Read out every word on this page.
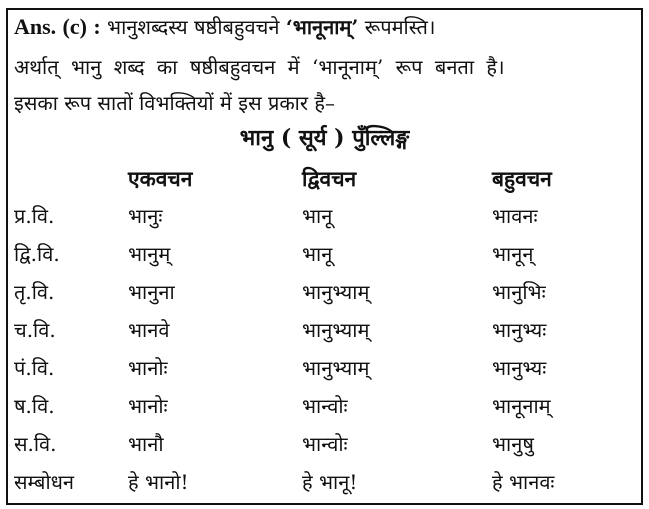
Ans. (c) : भानुशब्दस्य षष्ठीबहुवचने ‘भानूनाम्’ रूपमस्ति।
अर्थात् भानु शब्द का षष्ठीबहुवचन में ‘भानूनाम्’ रूप बनता है।
इसका रूप सातों विभक्तियों में इस प्रकार है–
भानु ( सूर्य ) पुँल्लिङ्ग
	एकवचन	द्विवचन	बहुवचन
प्र.वि.	भानुः	भानू	भावनः
द्वि.वि.	भानुम्	भानू	भानून्
तृ.वि.	भानुना	भानुभ्याम्	भानुभिः
च.वि.	भानवे	भानुभ्याम्	भानुभ्यः
पं.वि.	भानोः	भानुभ्याम्	भानुभ्यः
ष.वि.	भानोः	भान्वोः	भानूनाम्
स.वि.	भानौ	भान्वोः	भानुषु
सम्बोधन	हे भानो!	हे भानू!	हे भानवः
